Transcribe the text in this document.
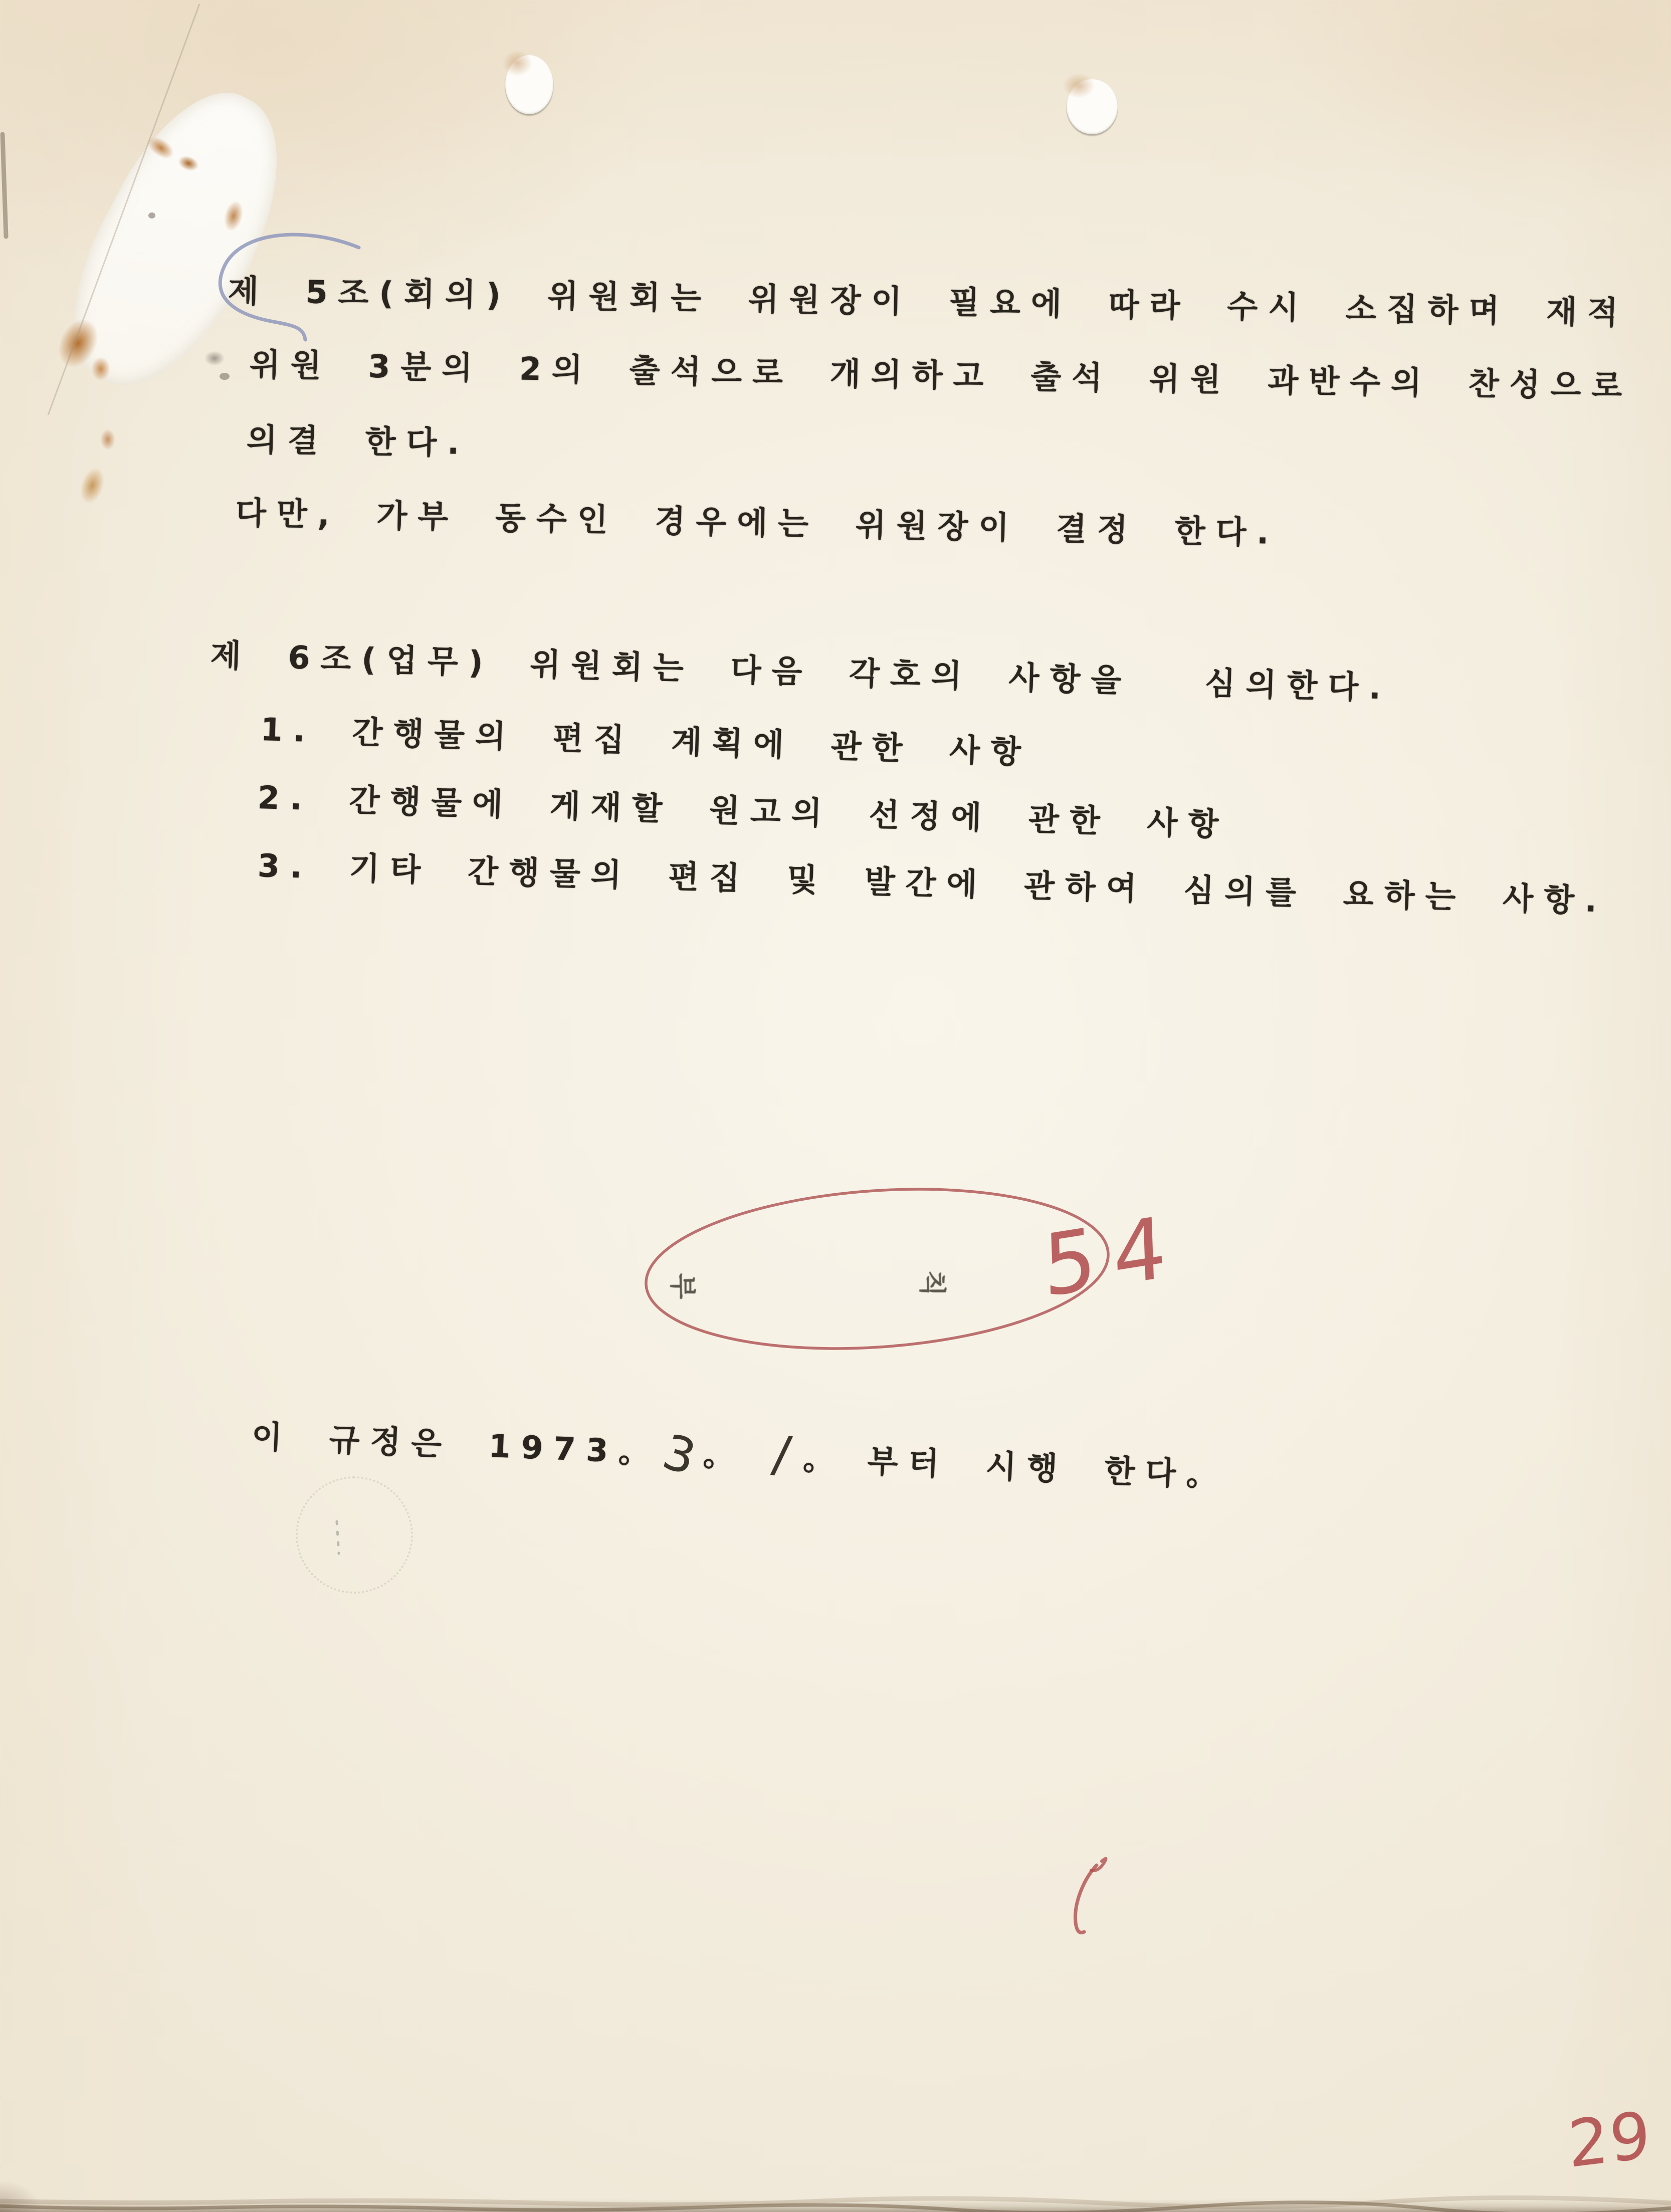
제 5조(회의) 위원회는 위원장이 필요에 따라 수시 소집하며 재적
위원 3분의 2의 출석으로 개의하고 출석 위원 과반수의 찬성으로
의결 한다.
다만, 가부 동수인 경우에는 위원장이 결정 한다.
제 6조(업무) 위원회는 다음 각호의 사항을  심의한다.
1. 간행물의 편집 계획에 관한 사항
2. 간행물에 게재할 원고의 선정에 관한 사항
3. 기타 간행물의 편집 및 발간에 관하여 심의를 요하는 사항.
부	칙 54
이 규정은 1973。
3 。 / 。 부터 시행 한다。
29
